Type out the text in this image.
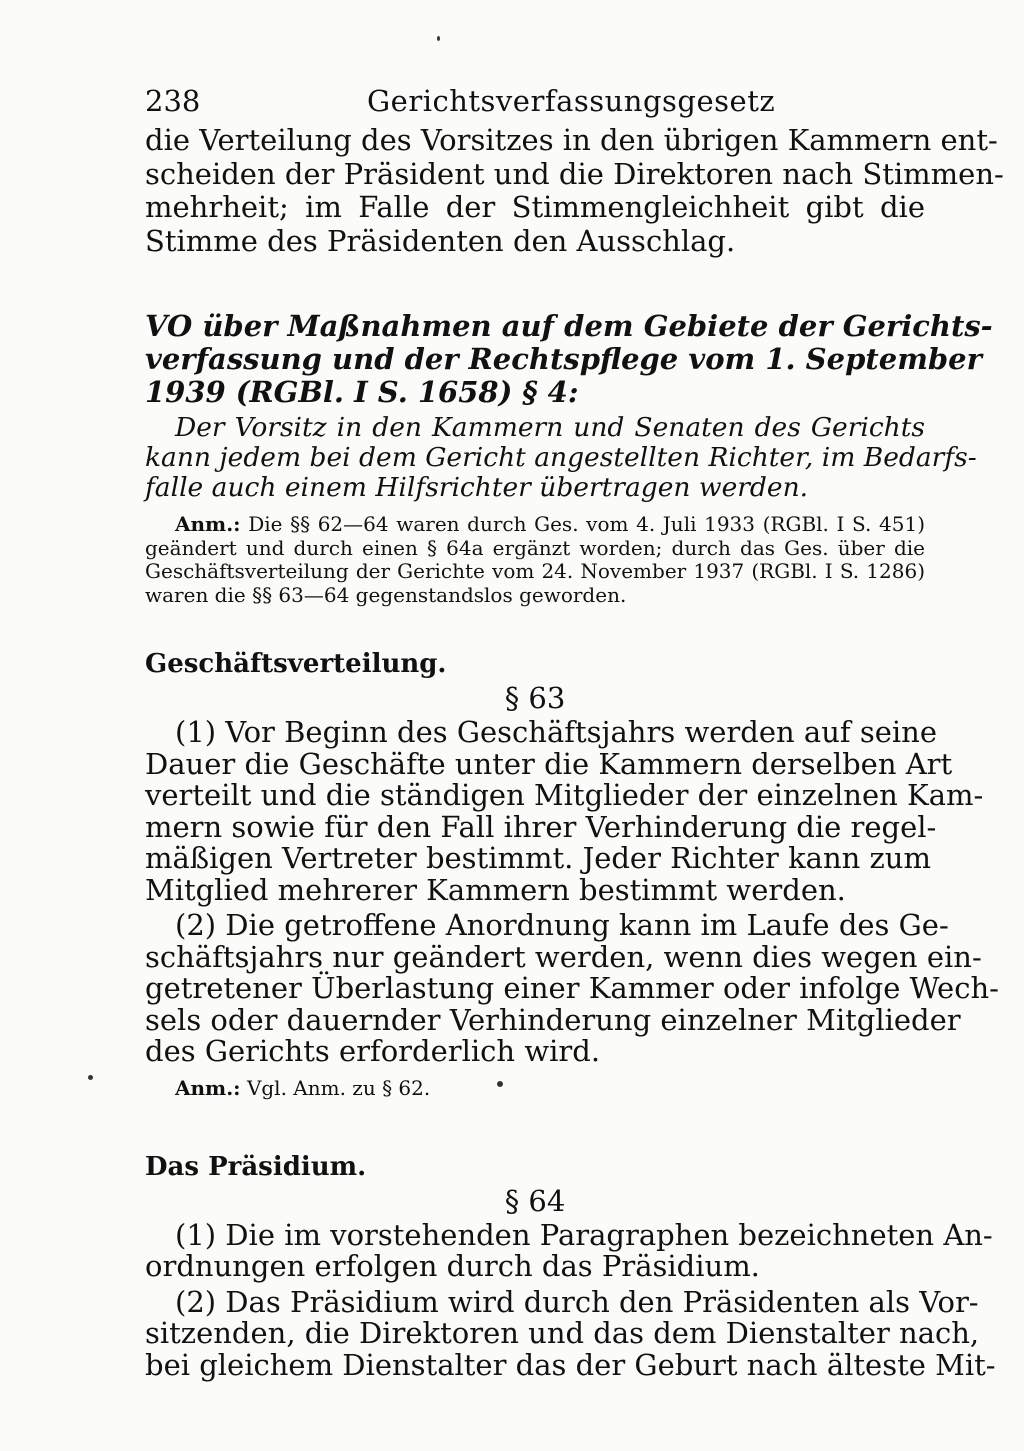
238	Gerichtsverfassungsgesetz
die Verteilung des Vorsitzes in den übrigen Kammern ent-
scheiden der Präsident und die Direktoren nach Stimmen-
mehrheit; im Falle der Stimmengleichheit gibt die
Stimme des Präsidenten den Ausschlag.
VO über Maßnahmen auf dem Gebiete der Gerichts-
verfassung und der Rechtspflege vom 1. September
1939 (RGBl. I S. 1658) § 4:
Der Vorsitz in den Kammern und Senaten des Gerichts
kann jedem bei dem Gericht angestellten Richter, im Bedarfs-
falle auch einem Hilfsrichter übertragen werden.
Anm.: Die §§ 62—64 waren durch Ges. vom 4. Juli 1933 (RGBl. I S. 451)
geändert und durch einen § 64a ergänzt worden; durch das Ges. über die
Geschäftsverteilung der Gerichte vom 24. November 1937 (RGBl. I S. 1286)
waren die §§ 63—64 gegenstandslos geworden.
Geschäftsverteilung.
§ 63
(1) Vor Beginn des Geschäftsjahrs werden auf seine
Dauer die Geschäfte unter die Kammern derselben Art
verteilt und die ständigen Mitglieder der einzelnen Kam-
mern sowie für den Fall ihrer Verhinderung die regel-
mäßigen Vertreter bestimmt. Jeder Richter kann zum
Mitglied mehrerer Kammern bestimmt werden.
(2) Die getroffene Anordnung kann im Laufe des Ge-
schäftsjahrs nur geändert werden, wenn dies wegen ein-
getretener Überlastung einer Kammer oder infolge Wech-
sels oder dauernder Verhinderung einzelner Mitglieder
des Gerichts erforderlich wird.
Anm.: Vgl. Anm. zu § 62.
Das Präsidium.
§ 64
(1) Die im vorstehenden Paragraphen bezeichneten An-
ordnungen erfolgen durch das Präsidium.
(2) Das Präsidium wird durch den Präsidenten als Vor-
sitzenden, die Direktoren und das dem Dienstalter nach,
bei gleichem Dienstalter das der Geburt nach älteste Mit-
